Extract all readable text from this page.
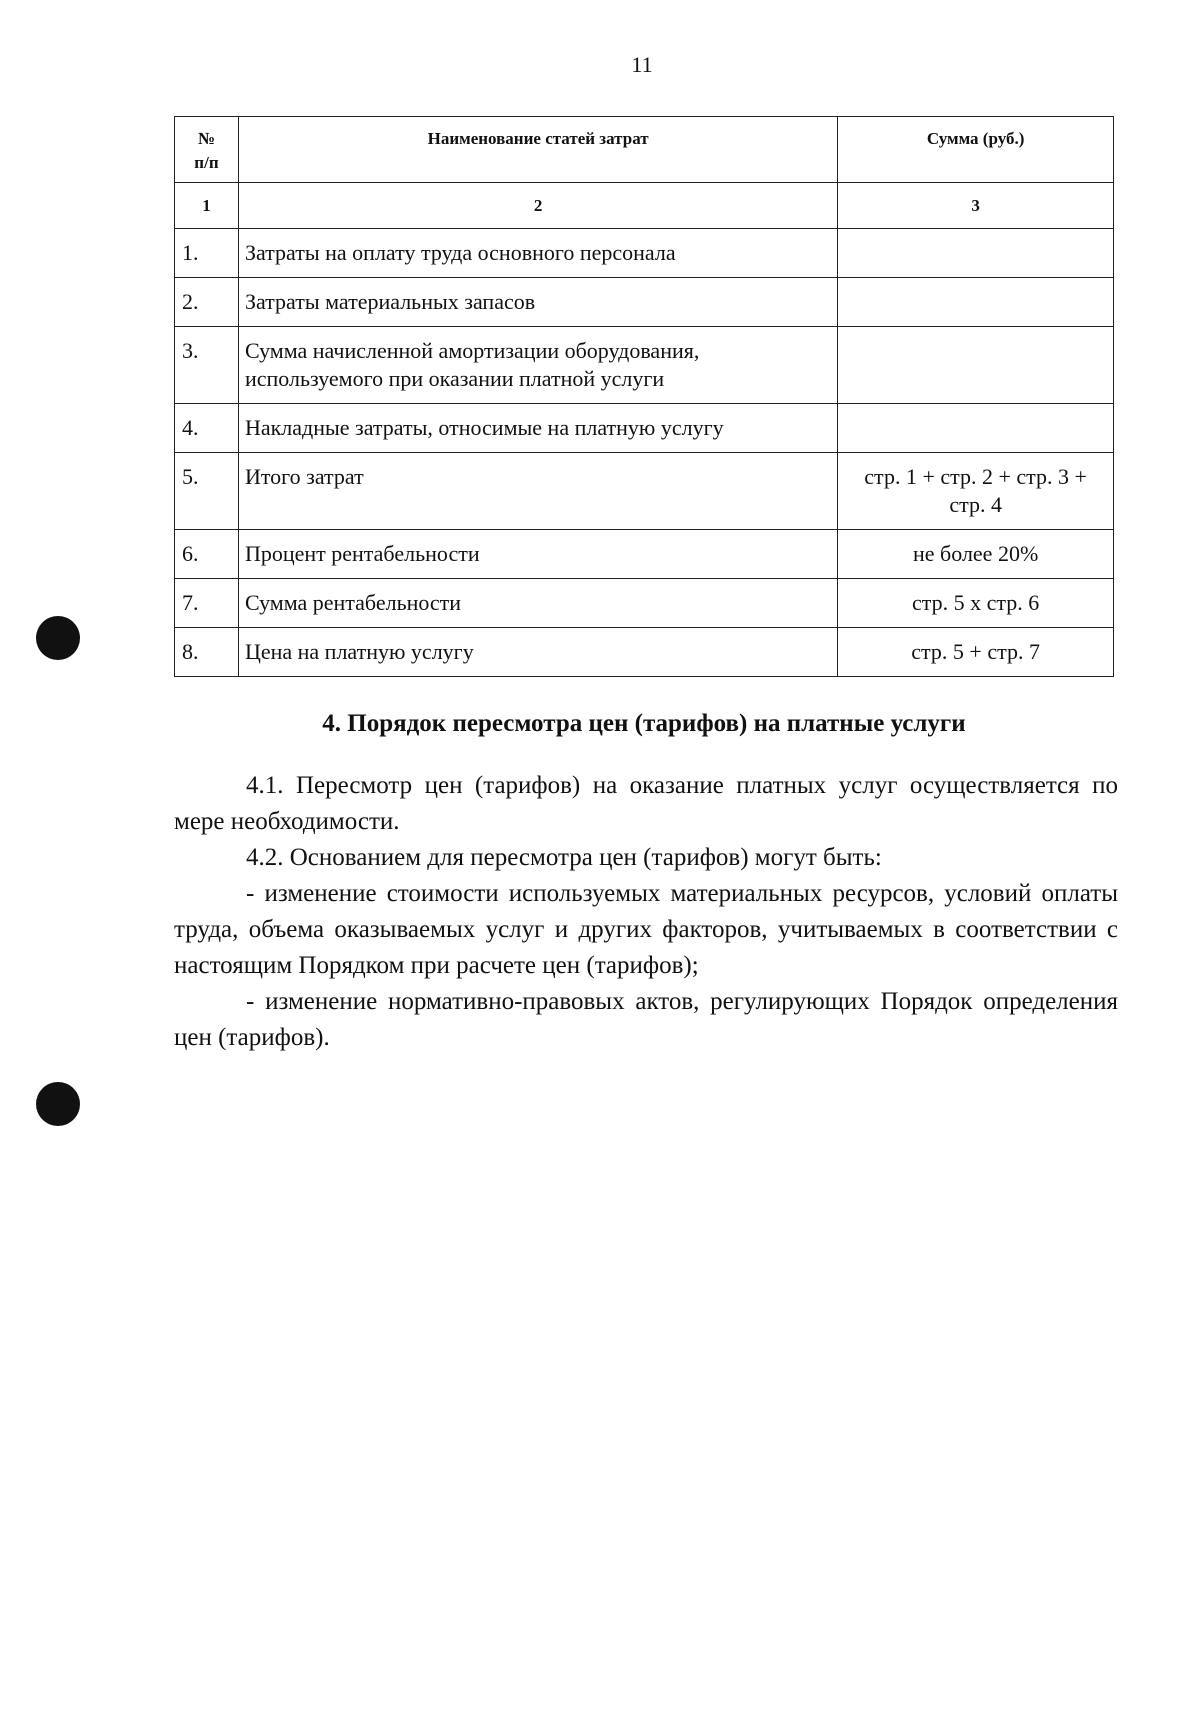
11
№
п/п	Наименование статей затрат	Сумма (руб.)
1	2	3
1.	Затраты на оплату труда основного персонала	
2.	Затраты материальных запасов	
3.	Сумма начисленной амортизации оборудования, используемого при оказании платной услуги	
4.	Накладные затраты, относимые на платную услугу	
5.	Итого затрат	стр. 1 + стр. 2 + стр. 3 + стр. 4
6.	Процент рентабельности	не более 20%
7.	Сумма рентабельности	стр. 5 х стр. 6
8.	Цена на платную услугу	стр. 5 + стр. 7
4. Порядок пересмотра цен (тарифов) на платные услуги

4.1. Пересмотр цен (тарифов) на оказание платных услуг осуществляется по мере необходимости.

4.2. Основанием для пересмотра цен (тарифов) могут быть:

- изменение стоимости используемых материальных ресурсов, условий оплаты труда, объема оказываемых услуг и других факторов, учитываемых в соответствии с настоящим Порядком при расчете цен (тарифов);

- изменение нормативно-правовых актов, регулирующих Порядок определения цен (тарифов).
